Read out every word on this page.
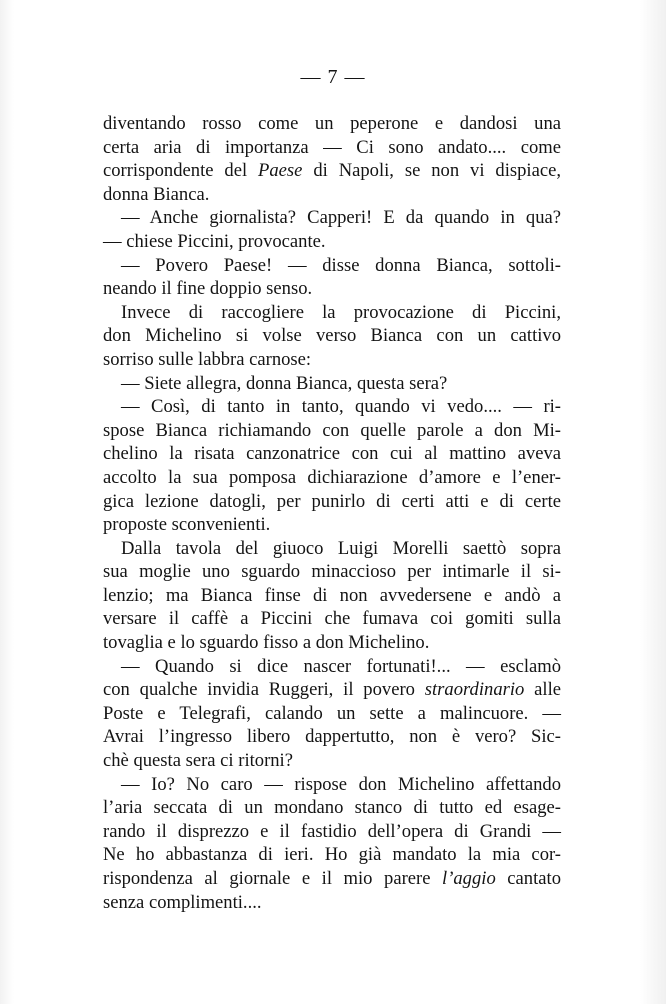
— 7 —
diventando rosso come un peperone e dandosi una
certa aria di importanza — Ci sono andato.... come
corrispondente del Paese di Napoli, se non vi dispiace,
donna Bianca.
— Anche giornalista? Capperi! E da quando in qua?
— chiese Piccini, provocante.
— Povero Paese! — disse donna Bianca, sottoli-
neando il fine doppio senso.
Invece di raccogliere la provocazione di Piccini,
don Michelino si volse verso Bianca con un cattivo
sorriso sulle labbra carnose:
— Siete allegra, donna Bianca, questa sera?
— Così, di tanto in tanto, quando vi vedo.... — ri-
spose Bianca richiamando con quelle parole a don Mi-
chelino la risata canzonatrice con cui al mattino aveva
accolto la sua pomposa dichiarazione d’amore e l’ener-
gica lezione datogli, per punirlo di certi atti e di certe
proposte sconvenienti.
Dalla tavola del giuoco Luigi Morelli saettò sopra
sua moglie uno sguardo minaccioso per intimarle il si-
lenzio; ma Bianca finse di non avvedersene e andò a
versare il caffè a Piccini che fumava coi gomiti sulla
tovaglia e lo sguardo fisso a don Michelino.
— Quando si dice nascer fortunati!... — esclamò
con qualche invidia Ruggeri, il povero straordinario alle
Poste e Telegrafi, calando un sette a malincuore. —
Avrai l’ingresso libero dappertutto, non è vero? Sic-
chè questa sera ci ritorni?
— Io? No caro — rispose don Michelino affettando
l’aria seccata di un mondano stanco di tutto ed esage-
rando il disprezzo e il fastidio dell’opera di Grandi —
Ne ho abbastanza di ieri. Ho già mandato la mia cor-
rispondenza al giornale e il mio parere l’aggio cantato
senza complimenti....
